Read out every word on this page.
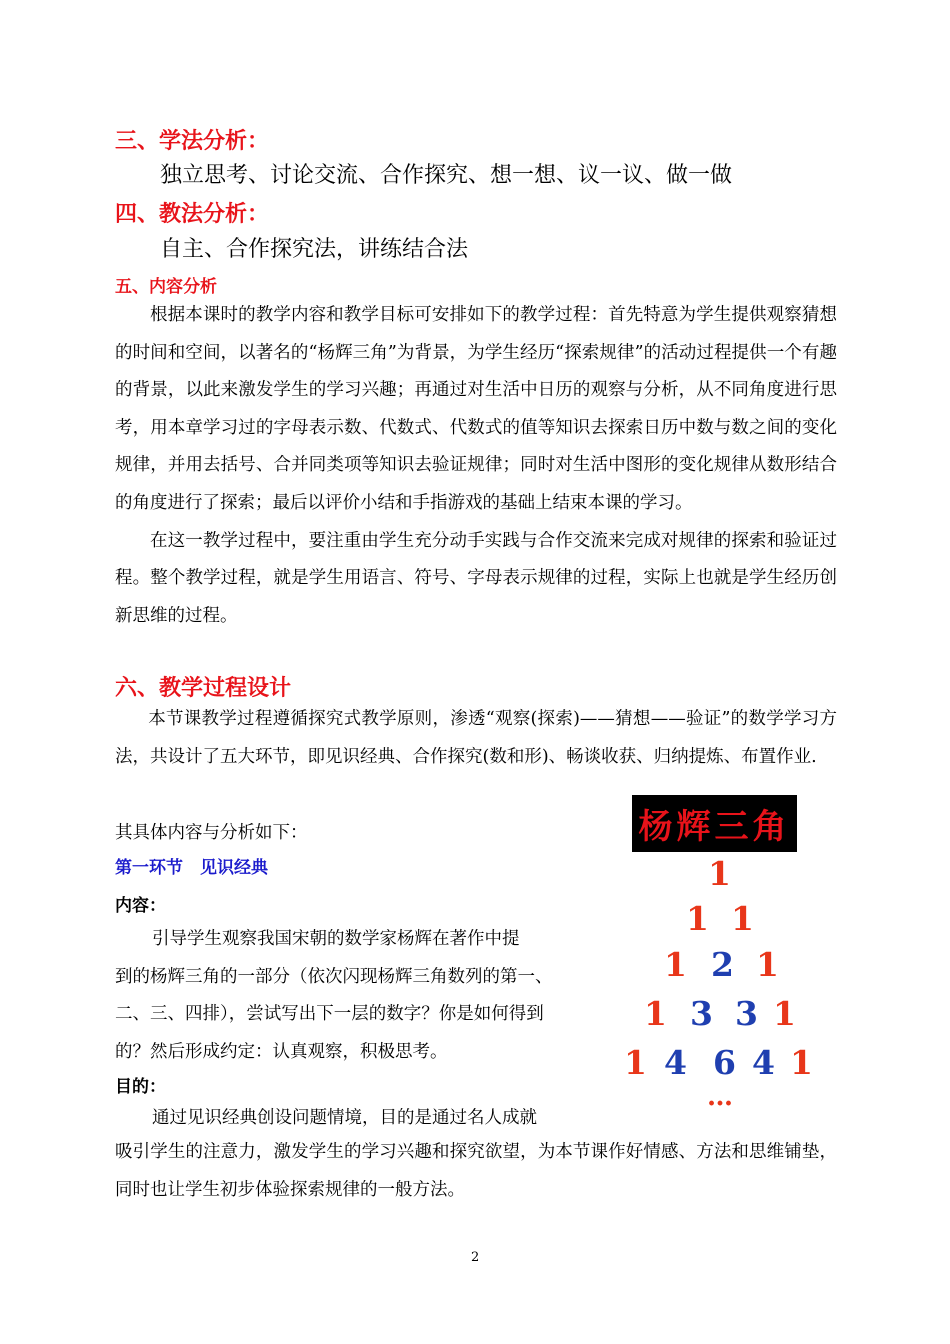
三、学法分析：
独立思考、讨论交流、合作探究、想一想、议一议、做一做
四、教法分析：
自主、合作探究法，讲练结合法
五、内容分析

根据本课时的教学内容和教学目标可安排如下的教学过程：首先特意为学生提供观察猜想的时间和空间，以著名的“杨辉三角”为背景，为学生经历“探索规律”的活动过程提供一个有趣的背景，以此来激发学生的学习兴趣；再通过对生活中日历的观察与分析，从不同角度进行思考，用本章学习过的字母表示数、代数式、代数式的值等知识去探索日历中数与数之间的变化规律，并用去括号、合并同类项等知识去验证规律；同时对生活中图形的变化规律从数形结合的角度进行了探索；最后以评价小结和手指游戏的基础上结束本课的学习。

在这一教学过程中，要注重由学生充分动手实践与合作交流来完成对规律的探索和验证过程。整个教学过程，就是学生用语言、符号、字母表示规律的过程，实际上也就是学生经历创新思维的过程。

六、教学过程设计

本节课教学过程遵循探究式教学原则，渗透“观察(探索)——猜想——验证”的数学学习方法，共设计了五大环节，即见识经典、合作探究(数和形)、畅谈收获、归纳提炼、布置作业.

其具体内容与分析如下：
第一环节　见识经典
内容：
引导学生观察我国宋朝的数学家杨辉在著作中提
到的杨辉三角的一部分（依次闪现杨辉三角数列的第一、
二、三、四排），尝试写出下一层的数字？你是如何得到
的？然后形成约定：认真观察，积极思考。
目的：
通过见识经典创设问题情境，目的是通过名人成就

吸引学生的注意力，激发学生的学习兴趣和探究欲望，为本节课作好情感、方法和思维铺垫，同时也让学生初步体验探索规律的一般方法。

杨辉三角
1
1 1
1 2 1
1 3 3 1
1 4 6 4 1
…
2
